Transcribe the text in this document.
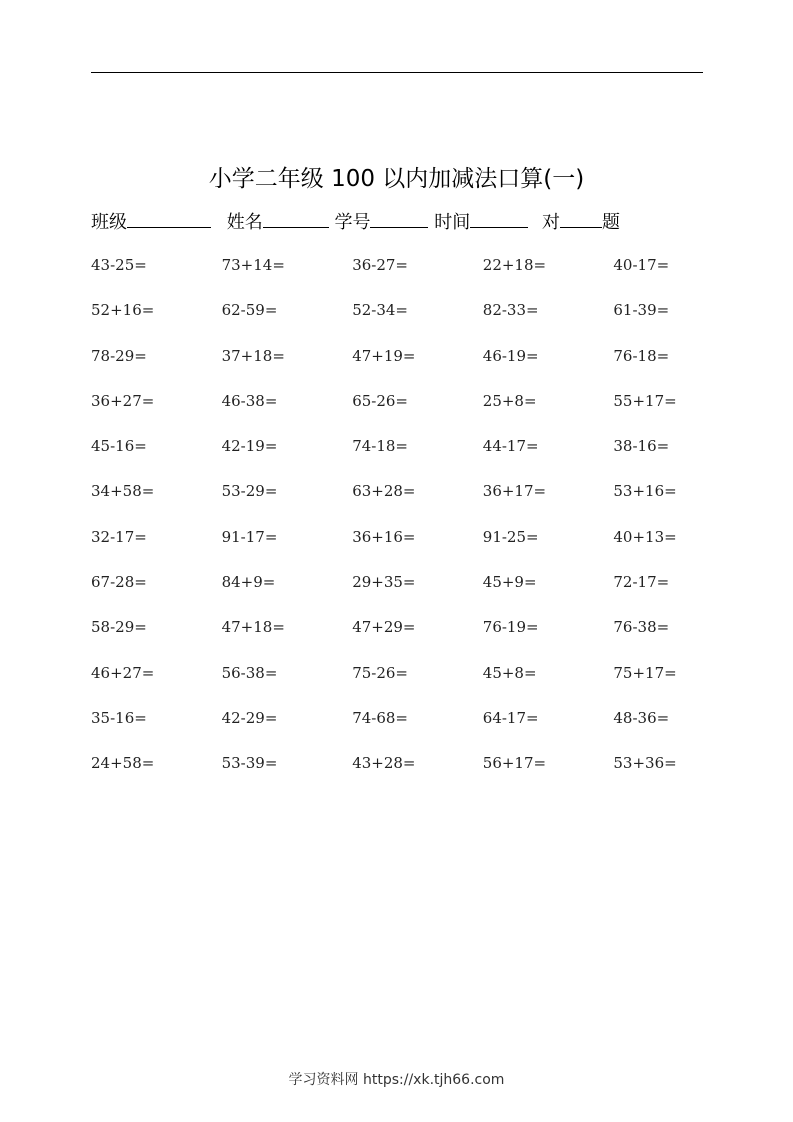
小学二年级 100 以内加减法口算(一)
班级	姓名	学号	时间	对 题
43-25=	73+14=	36-27=	22+18=	40-17=
52+16=	62-59=	52-34=	82-33=	61-39=
78-29=	37+18=	47+19=	46-19=	76-18=
36+27=	46-38=	65-26=	25+8=	55+17=
45-16=	42-19=	74-18=	44-17=	38-16=
34+58=	53-29=	63+28=	36+17=	53+16=
32-17=	91-17=	36+16=	91-25=	40+13=
67-28=	84+9=	29+35=	45+9=	72-17=
58-29=	47+18=	47+29=	76-19=	76-38=
46+27=	56-38=	75-26=	45+8=	75+17=
35-16=	42-29=	74-68=	64-17=	48-36=
24+58=	53-39=	43+28=	56+17=	53+36=
学习资料网 https://xk.tjh66.com
